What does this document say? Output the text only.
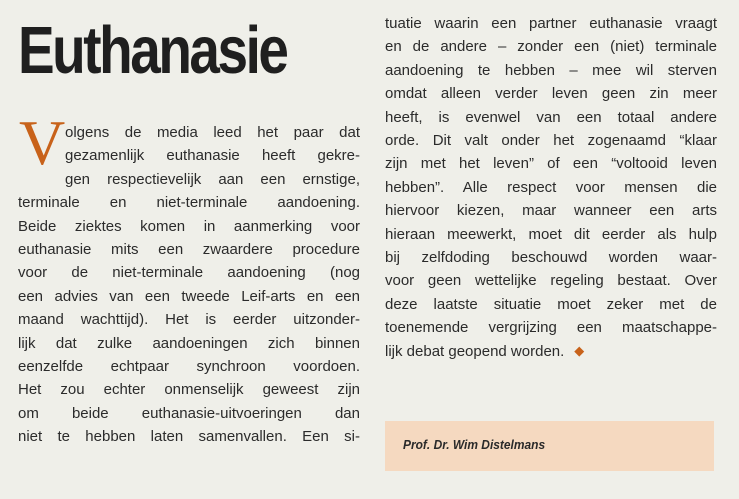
Euthanasie
V olgens de media leed het paar dat
gezamenlijk euthanasie heeft gekre-
gen respectievelijk aan een ernstige,
terminale en niet-terminale aandoening.
Beide ziektes komen in aanmerking voor
euthanasie mits een zwaardere procedure
voor de niet-terminale aandoening (nog
een advies van een tweede Leif-arts en een
maand wachttijd). Het is eerder uitzonder-
lijk dat zulke aandoeningen zich binnen
eenzelfde echtpaar synchroon voordoen.
Het zou echter onmenselijk geweest zijn
om beide euthanasie-uitvoeringen dan
niet te hebben laten samenvallen. Een si-
tuatie waarin een partner euthanasie vraagt
en de andere – zonder een (niet) terminale
aandoening te hebben – mee wil sterven
omdat alleen verder leven geen zin meer
heeft, is evenwel van een totaal andere
orde. Dit valt onder het zogenaamd “klaar
zijn met het leven” of een “voltooid leven
hebben”. Alle respect voor mensen die
hiervoor kiezen, maar wanneer een arts
hieraan meewerkt, moet dit eerder als hulp
bij zelfdoding beschouwd worden waar-
voor geen wettelijke regeling bestaat. Over
deze laatste situatie moet zeker met de
toenemende vergrijzing een maatschappe-
lijk debat geopend worden. ◆
Prof. Dr. Wim Distelmans
